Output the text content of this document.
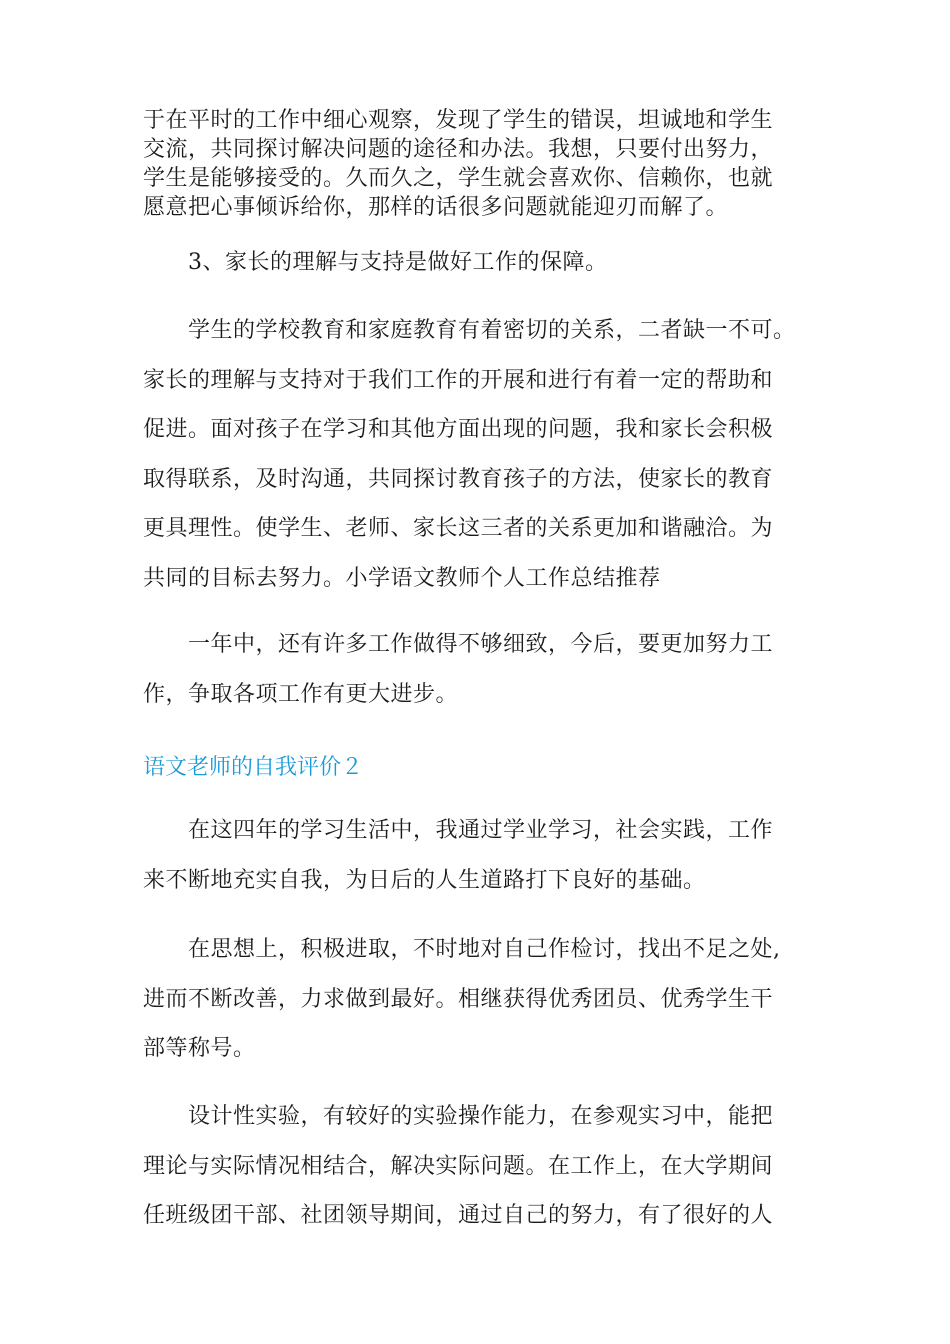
于在平时的工作中细心观察，发现了学生的错误，坦诚地和学生
交流，共同探讨解决问题的途径和办法。我想，只要付出努力，
学生是能够接受的。久而久之，学生就会喜欢你、信赖你，也就
愿意把心事倾诉给你，那样的话很多问题就能迎刃而解了。

　　3、家长的理解与支持是做好工作的保障。

　　学生的学校教育和家庭教育有着密切的关系，二者缺一不可。
家长的理解与支持对于我们工作的开展和进行有着一定的帮助和
促进。面对孩子在学习和其他方面出现的问题，我和家长会积极
取得联系，及时沟通，共同探讨教育孩子的方法，使家长的教育
更具理性。使学生、老师、家长这三者的关系更加和谐融洽。为
共同的目标去努力。小学语文教师个人工作总结推荐

　　一年中，还有许多工作做得不够细致，今后，要更加努力工
作，争取各项工作有更大进步。

语文老师的自我评价２

　　在这四年的学习生活中，我通过学业学习，社会实践，工作
来不断地充实自我，为日后的人生道路打下良好的基础。

　　在思想上，积极进取，不时地对自己作检讨，找出不足之处,
进而不断改善，力求做到最好。相继获得优秀团员、优秀学生干
部等称号。

　　设计性实验，有较好的实验操作能力，在参观实习中，能把
理论与实际情况相结合，解决实际问题。在工作上，在大学期间
任班级团干部、社团领导期间，通过自己的努力，有了很好的人
